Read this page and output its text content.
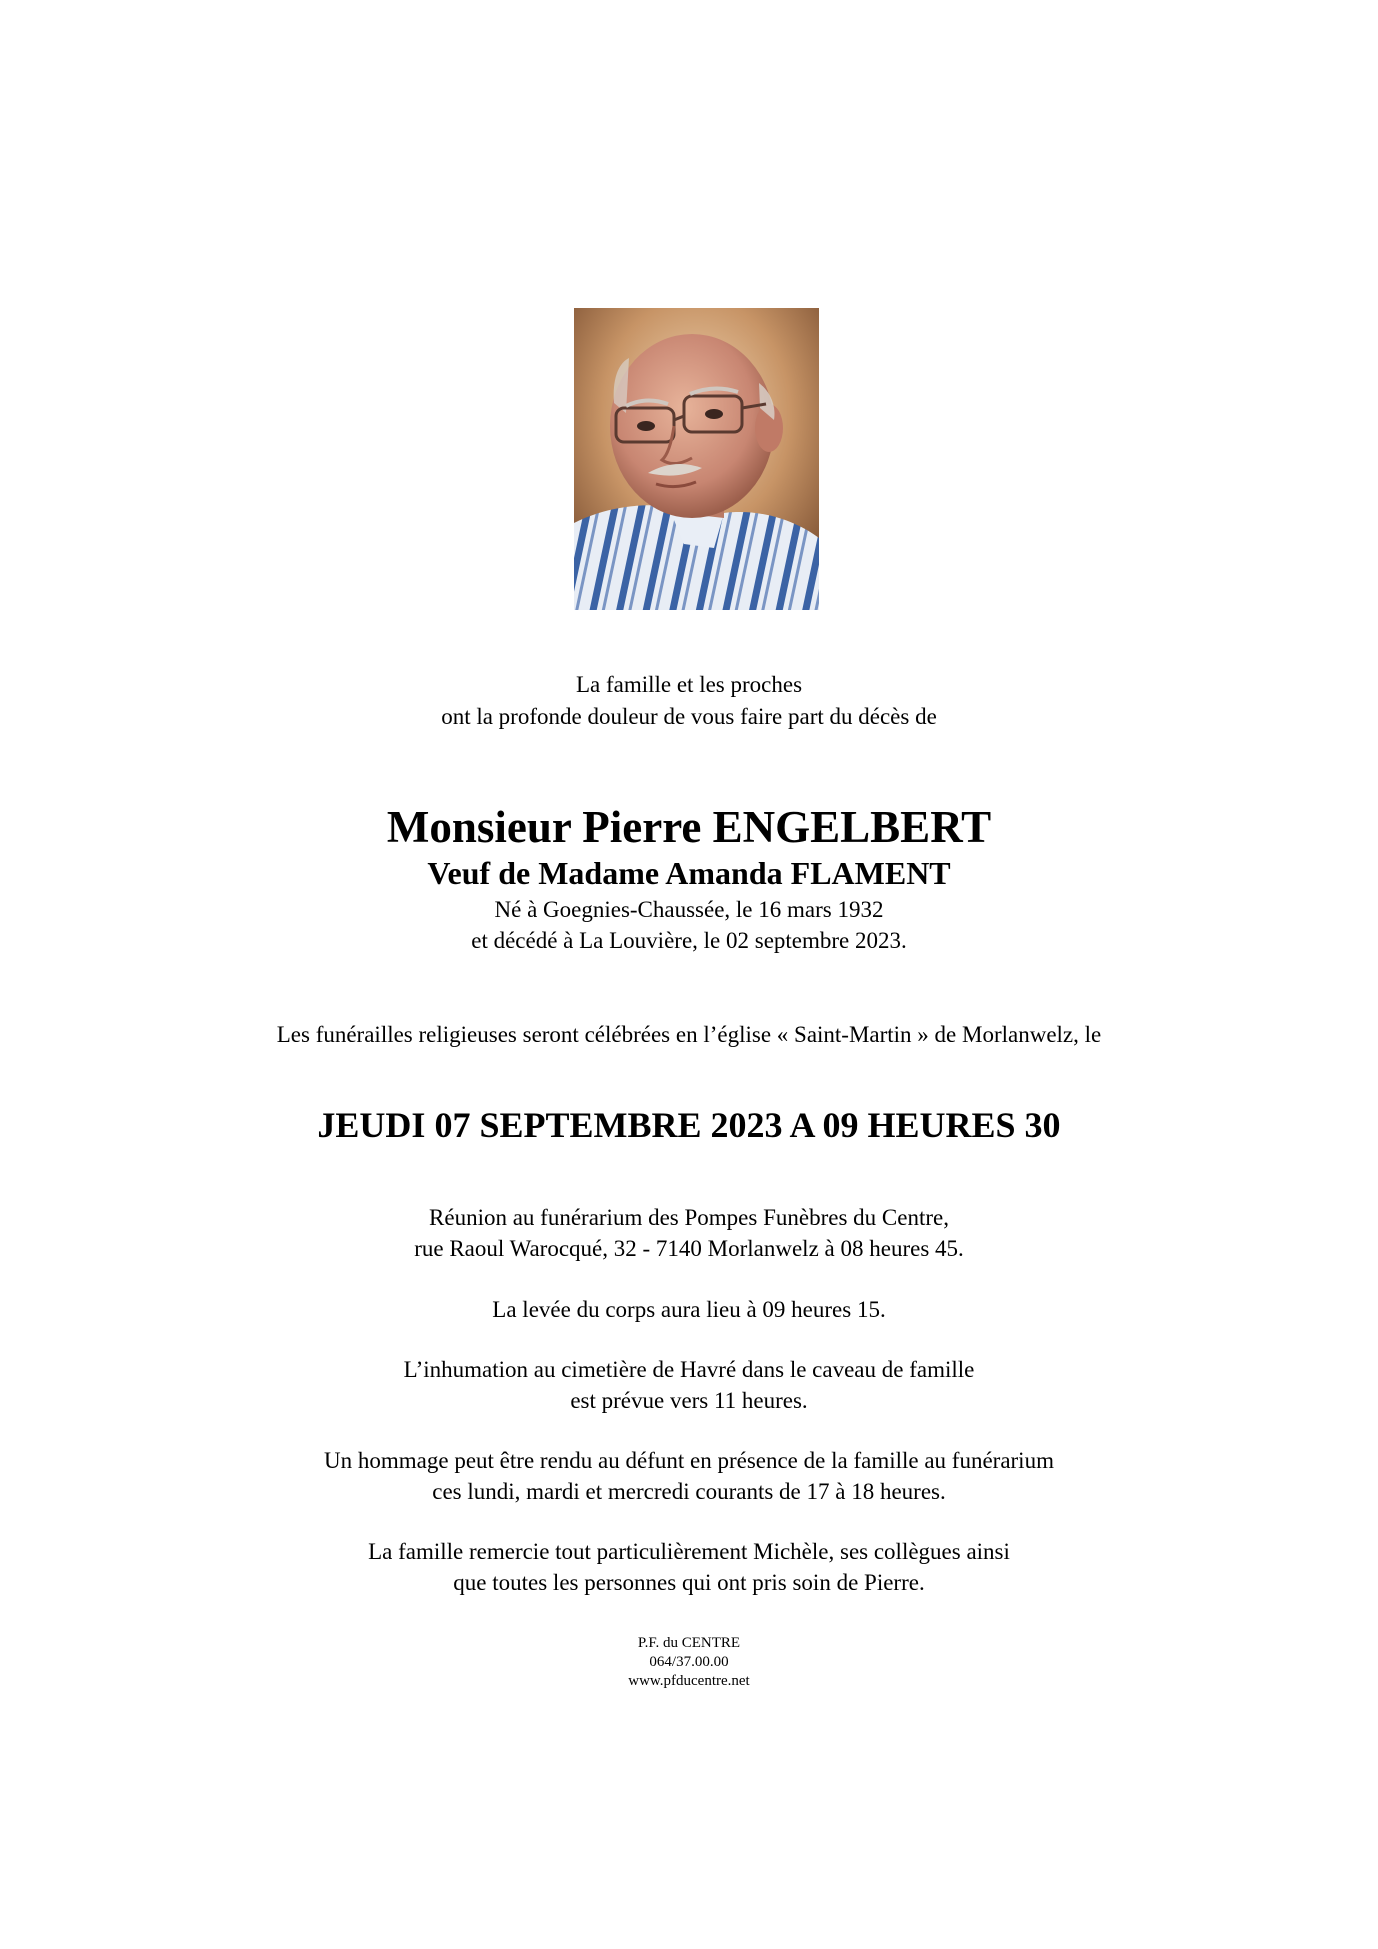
La famille et les proches
ont la profonde douleur de vous faire part du décès de
Monsieur Pierre ENGELBERT
Veuf de Madame Amanda FLAMENT
Né à Goegnies-Chaussée, le 16 mars 1932
et décédé à La Louvière, le 02 septembre 2023.
Les funérailles religieuses seront célébrées en l’église « Saint-Martin » de Morlanwelz, le
JEUDI 07 SEPTEMBRE 2023 A 09 HEURES 30
Réunion au funérarium des Pompes Funèbres du Centre,
rue Raoul Warocqué, 32 - 7140 Morlanwelz à 08 heures 45.
La levée du corps aura lieu à 09 heures 15.
L’inhumation au cimetière de Havré dans le caveau de famille
est prévue vers 11 heures.
Un hommage peut être rendu au défunt en présence de la famille au funérarium
ces lundi, mardi et mercredi courants de 17 à 18 heures.
La famille remercie tout particulièrement Michèle, ses collègues ainsi
que toutes les personnes qui ont pris soin de Pierre.
P.F. du CENTRE
064/37.00.00
www.pfducentre.net
